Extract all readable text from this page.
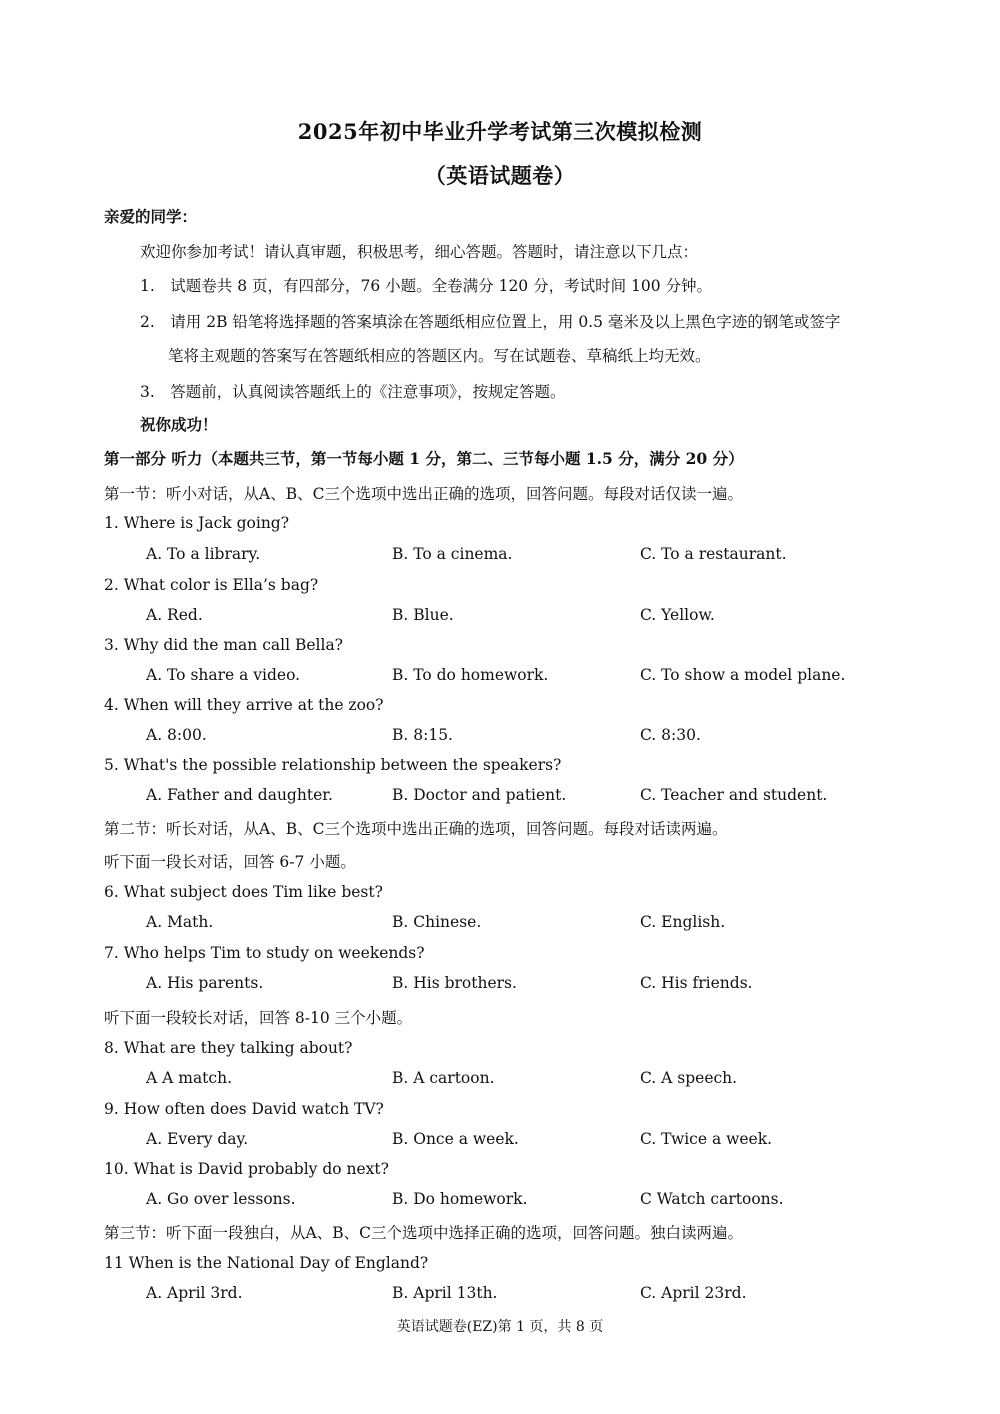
2025年初中毕业升学考试第三次模拟检测
（英语试题卷）
亲爱的同学：
欢迎你参加考试！请认真审题，积极思考，细心答题。答题时，请注意以下几点：
1.　试题卷共 8 页，有四部分，76 小题。全卷满分 120 分，考试时间 100 分钟。
2.　请用 2B 铅笔将选择题的答案填涂在答题纸相应位置上，用 0.5 毫米及以上黑色字迹的钢笔或签字
笔将主观题的答案写在答题纸相应的答题区内。写在试题卷、草稿纸上均无效。
3.　答题前，认真阅读答题纸上的《注意事项》，按规定答题。
祝你成功！
第一部分 听力（本题共三节，第一节每小题 1 分，第二、三节每小题 1.5 分，满分 20 分）
第一节：听小对话，从A、B、C三个选项中选出正确的选项，回答问题。每段对话仅读一遍。
1. Where is Jack going?
A. To a library.	B. To a cinema.	C. To a restaurant.
2. What color is Ella’s bag?
A. Red.	B. Blue.	C. Yellow.
3. Why did the man call Bella?
A. To share a video.	B. To do homework.	C. To show a model plane.
4. When will they arrive at the zoo?
A. 8:00.	B. 8:15.	C. 8:30.
5. What's the possible relationship between the speakers?
A. Father and daughter.	B. Doctor and patient.	C. Teacher and student.
第二节：听长对话，从A、B、C三个选项中选出正确的选项，回答问题。每段对话读两遍。
听下面一段长对话，回答 6-7 小题。
6. What subject does Tim like best?
A. Math.	B. Chinese.	C. English.
7. Who helps Tim to study on weekends?
A. His parents.	B. His brothers.	C. His friends.
听下面一段较长对话，回答 8-10 三个小题。
8. What are they talking about?
A A match.	B. A cartoon.	C. A speech.
9. How often does David watch TV?
A. Every day.	B. Once a week.	C. Twice a week.
10. What is David probably do next?
A. Go over lessons.	B. Do homework.	C Watch cartoons.
第三节：听下面一段独白，从A、B、C三个选项中选择正确的选项，回答问题。独白读两遍。
11 When is the National Day of England?
A. April 3rd.	B. April 13th.	C. April 23rd.
英语试题卷(EZ)第 1 页，共 8 页
